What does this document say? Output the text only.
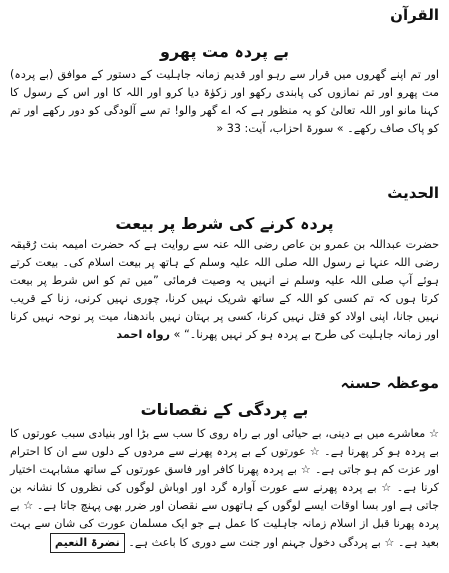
القرآن
بے پردہ مت پھرو

اور تم اپنے گھروں میں قرار سے رہو اور قدیم زمانہ جاہلیت کے دستور کے موافق (بے پردہ) مت پھرو اور تم نمازوں کی پابندی رکھو اور زکوٰۃ دیا کرو اور اللہ کا اور اس کے رسول کا کہنا مانو اور اللہ تعالیٰ کو یہ منظور ہے کہ اے گھر والو! تم سے آلودگی کو دور رکھے اور تم کو پاک صاف رکھے۔ » سورۃ احزاب، آیت: 33 «

الحدیث
پردہ کرنے کی شرط پر بیعت

حضرت عبداللہ بن عمرو بن عاص رضی اللہ عنہ سے روایت ہے کہ حضرت امیمہ بنت رُقیقہ رضی اللہ عنہا نے رسول اللہ صلی اللہ علیہ وسلم کے ہاتھ پر بیعت اسلام کی۔ بیعت کرتے ہوئے آپ صلی اللہ علیہ وسلم نے انہیں یہ وصیت فرمائی ”میں تم کو اس شرط پر بیعت کرتا ہوں کہ تم کسی کو اللہ کے ساتھ شریک نہیں کرنا، چوری نہیں کرنی، زنا کے قریب نہیں جانا، اپنی اولاد کو قتل نہیں کرنا، کسی پر بہتان نہیں باندھنا، میت پر نوحہ نہیں کرنا اور زمانہ جاہلیت کی طرح بے پردہ ہو کر نہیں پھرنا۔“ » رواہ احمد

موعظہ حسنہ
بے پردگی کے نقصانات

☆ معاشرے میں بے دینی، بے حیائی اور بے راہ روی کا سب سے بڑا اور بنیادی سبب عورتوں کا بے پردہ ہو کر پھرنا ہے۔ ☆ عورتوں کے بے پردہ پھرنے سے مردوں کے دلوں سے ان کا احترام اور عزت کم ہو جاتی ہے۔ ☆ بے پردہ پھرنا کافر اور فاسق عورتوں کے ساتھ مشابہت اختیار کرنا ہے۔ ☆ بے پردہ پھرنے سے عورت آوارہ گرد اور اوباش لوگوں کی نظروں کا نشانہ بن جاتی ہے اور بسا اوقات ایسے لوگوں کے ہاتھوں سے نقصان اور ضرر بھی پہنچ جاتا ہے۔ ☆ بے پردہ پھرنا قبل از اسلام زمانہ جاہلیت کا عمل ہے جو ایک مسلمان عورت کی شان سے بہت بعید ہے۔ ☆ بے پردگی دخول جہنم اور جنت سے دوری کا باعث ہے۔ نضرۃ النعیم
